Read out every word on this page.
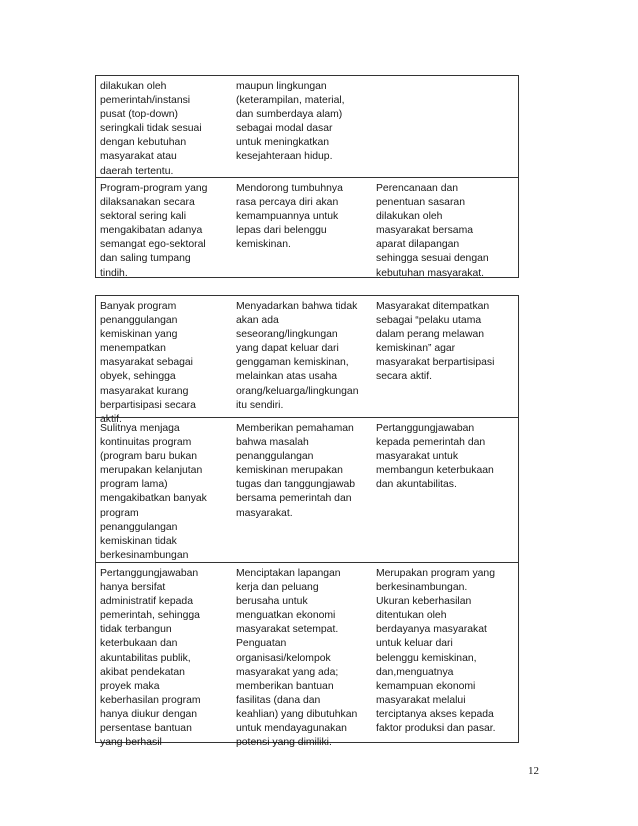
dilakukan oleh
pemerintah/instansi
pusat (top-down)
seringkali tidak sesuai
dengan kebutuhan
masyarakat atau
daerah tertentu.
maupun lingkungan
(keterampilan, material,
dan sumberdaya alam)
sebagai modal dasar
untuk meningkatkan
kesejahteraan hidup.
Program-program yang
dilaksanakan secara
sektoral sering kali
mengakibatan adanya
semangat ego-sektoral
dan saling tumpang
tindih.
Mendorong tumbuhnya
rasa percaya diri akan
kemampuannya untuk
lepas dari belenggu
kemiskinan.
Perencanaan dan
penentuan sasaran
dilakukan oleh
masyarakat bersama
aparat dilapangan
sehingga sesuai dengan
kebutuhan masyarakat.
Banyak program
penanggulangan
kemiskinan yang
menempatkan
masyarakat sebagai
obyek, sehingga
masyarakat kurang
berpartisipasi secara
aktif.
Menyadarkan bahwa tidak
akan ada
seseorang/lingkungan
yang dapat keluar dari
genggaman kemiskinan,
melainkan atas usaha
orang/keluarga/lingkungan
itu sendiri.
Masyarakat ditempatkan
sebagai “pelaku utama
dalam perang melawan
kemiskinan” agar
masyarakat berpartisipasi
secara aktif.
Sulitnya menjaga
kontinuitas program
(program baru bukan
merupakan kelanjutan
program lama)
mengakibatkan banyak
program
penanggulangan
kemiskinan tidak
berkesinambungan
Memberikan pemahaman
bahwa masalah
penanggulangan
kemiskinan merupakan
tugas dan tanggungjawab
bersama pemerintah dan
masyarakat.
Pertanggungjawaban
kepada pemerintah dan
masyarakat untuk
membangun keterbukaan
dan akuntabilitas.
Pertanggungjawaban
hanya bersifat
administratif kepada
pemerintah, sehingga
tidak terbangun
keterbukaan dan
akuntabilitas publik,
akibat pendekatan
proyek maka
keberhasilan program
hanya diukur dengan
persentase bantuan
yang berhasil
Menciptakan lapangan
kerja dan peluang
berusaha untuk
menguatkan ekonomi
masyarakat setempat.
Penguatan
organisasi/kelompok
masyarakat yang ada;
memberikan bantuan
fasilitas (dana dan
keahlian) yang dibutuhkan
untuk mendayagunakan
potensi yang dimiliki.
Merupakan program yang
berkesinambungan.
Ukuran keberhasilan
ditentukan oleh
berdayanya masyarakat
untuk keluar dari
belenggu kemiskinan,
dan,menguatnya
kemampuan ekonomi
masyarakat melalui
terciptanya akses kepada
faktor produksi dan pasar.
12
